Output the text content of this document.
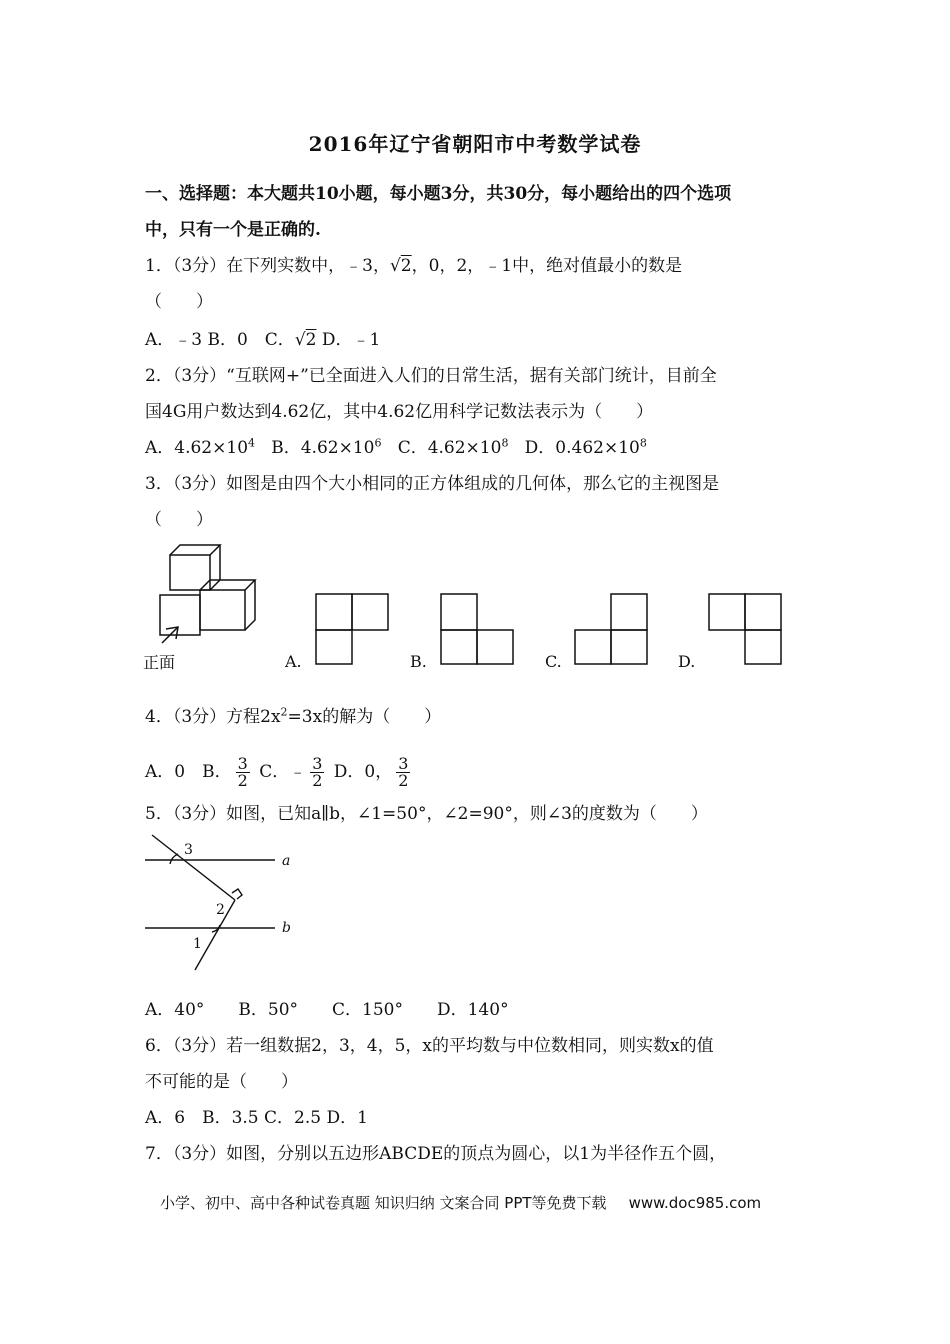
2016年辽宁省朝阳市中考数学试卷
一、选择题：本大题共10小题，每小题3分，共30分，每小题给出的四个选项
中，只有一个是正确的.
1．（3分）在下列实数中，﹣3，√2，0，2，﹣1中，绝对值最小的数是
（　　）
A．﹣3 B．0　C．√2 D．﹣1
2．（3分）“互联网+”已全面进入人们的日常生活，据有关部门统计，目前全
国4G用户数达到4.62亿，其中4.62亿用科学记数法表示为（　　）
A．$4.62\times 10^4$ B．$4.62\times 10^6$ C．$4.62\times 10^8$ D．$0.462\times 10^8$
3．（3分）如图是由四个大小相同的正方体组成的几何体，那么它的主视图是
（　　）
正面	A.	B.	C.	D.
4．（3分）方程$2x^2=3x$的解为（　　）
A．0　B． $\frac{3}{2}$ C．﹣ $\frac{3}{2}$ D．0， $\frac{3}{2}$
5．（3分）如图，已知a∥b，∠1=50°，∠2=90°，则∠3的度数为（　　）
a
b
3
2
1
A．40°　　B．50°　　C．150°　　D．140°
6．（3分）若一组数据2，3，4，5，x的平均数与中位数相同，则实数x的值
不可能的是（　　）
A．6　B．3.5 C．2.5 D．1
7．（3分）如图，分别以五边形ABCDE的顶点为圆心，以1为半径作五个圆，
小学、初中、高中各种试卷真题 知识归纳 文案合同 PPT等免费下载 www.doc985.com
